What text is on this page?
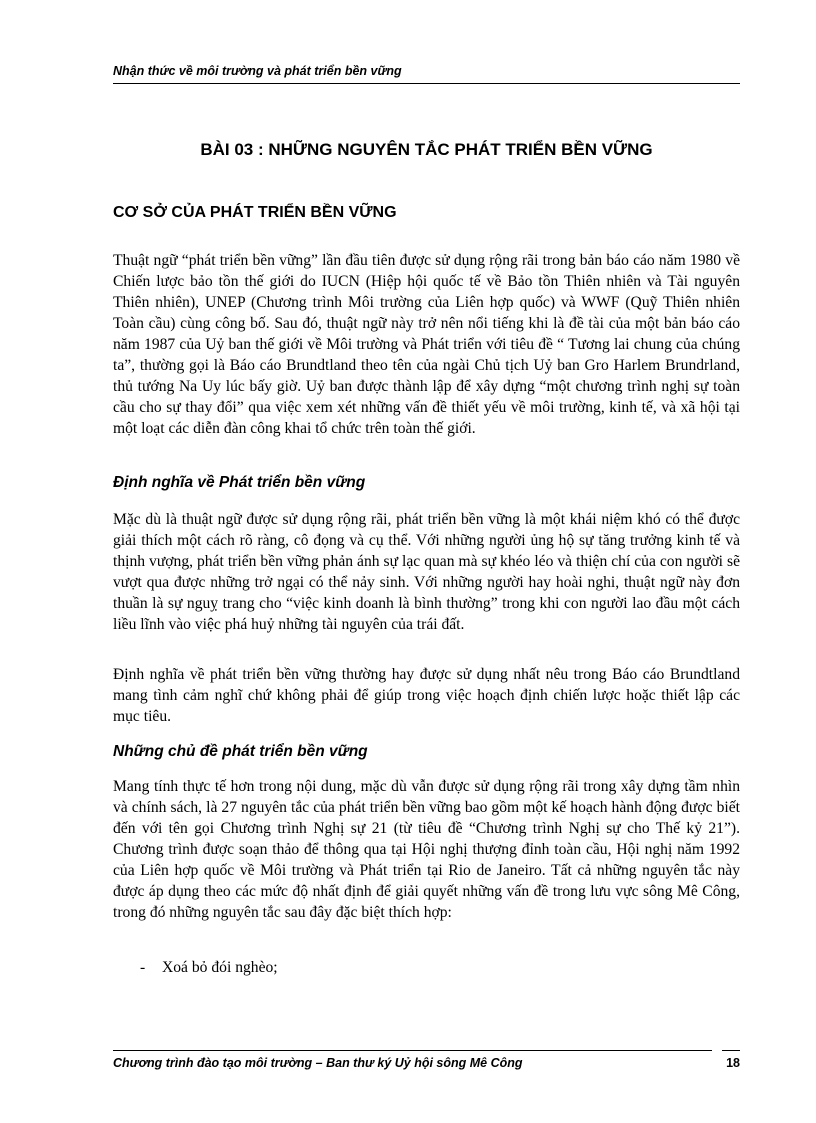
Nhận thức về môi trường và phát triển bền vững
BÀI 03 : NHỮNG NGUYÊN TẮC PHÁT TRIỂN BỀN VỮNG
CƠ SỞ CỦA PHÁT TRIỂN BỀN VỮNG

Thuật ngữ “phát triển bền vững” lần đầu tiên được sử dụng rộng rãi trong bản báo cáo năm 1980 về Chiến lược bảo tồn thế giới do IUCN (Hiệp hội quốc tế về Bảo tồn Thiên nhiên và Tài nguyên Thiên nhiên), UNEP (Chương trình Môi trường của Liên hợp quốc) và WWF (Quỹ Thiên nhiên Toàn cầu) cùng công bố. Sau đó, thuật ngữ này trở nên nổi tiếng khi là đề tài của một bản báo cáo năm 1987 của Uỷ ban thế giới về Môi trường và Phát triển với tiêu đề “ Tương lai chung của chúng ta”, thường gọi là Báo cáo Brundtland theo tên của ngài Chủ tịch Uỷ ban Gro Harlem Brundrland, thủ tướng Na Uy lúc bấy giờ. Uỷ ban được thành lập để xây dựng “một chương trình nghị sự toàn cầu cho sự thay đổi” qua việc xem xét những vấn đề thiết yếu về môi trường, kinh tế, và xã hội tại một loạt các diễn đàn công khai tổ chức trên toàn thế giới.

Định nghĩa về Phát triển bền vững

Mặc dù là thuật ngữ được sử dụng rộng rãi, phát triển bền vững là một khái niệm khó có thể được giải thích một cách rõ ràng, cô đọng và cụ thể. Với những người ủng hộ sự tăng trưởng kinh tế và thịnh vượng, phát triển bền vững phản ánh sự lạc quan mà sự khéo léo và thiện chí của con người sẽ vượt qua được những trở ngại có thể nảy sinh. Với những người hay hoài nghi, thuật ngữ này đơn thuần là sự nguỵ trang cho “việc kinh doanh là bình thường” trong khi con người lao đầu một cách liều lĩnh vào việc phá huỷ những tài nguyên của trái đất.

Định nghĩa về phát triển bền vững thường hay được sử dụng nhất nêu trong Báo cáo Brundtland mang tình cảm nghĩ chứ không phải để giúp trong việc hoạch định chiến lược hoặc thiết lập các mục tiêu.

Những chủ đề phát triển bền vững

Mang tính thực tế hơn trong nội dung, mặc dù vẫn được sử dụng rộng rãi trong xây dựng tầm nhìn và chính sách, là 27 nguyên tắc của phát triển bền vững bao gồm một kế hoạch hành động được biết đến với tên gọi Chương trình Nghị sự 21 (từ tiêu đề “Chương trình Nghị sự cho Thế kỷ 21”). Chương trình được soạn thảo để thông qua tại Hội nghị thượng đỉnh toàn cầu, Hội nghị năm 1992 của Liên hợp quốc về Môi trường và Phát triển tại Rio de Janeiro. Tất cả những nguyên tắc này được áp dụng theo các mức độ nhất định để giải quyết những vấn đề trong lưu vực sông Mê Công, trong đó những nguyên tắc sau đây đặc biệt thích hợp:

- Xoá bỏ đói nghèo;
Chương trình đào tạo môi trường – Ban thư ký Uỷ hội sông Mê Công	18
